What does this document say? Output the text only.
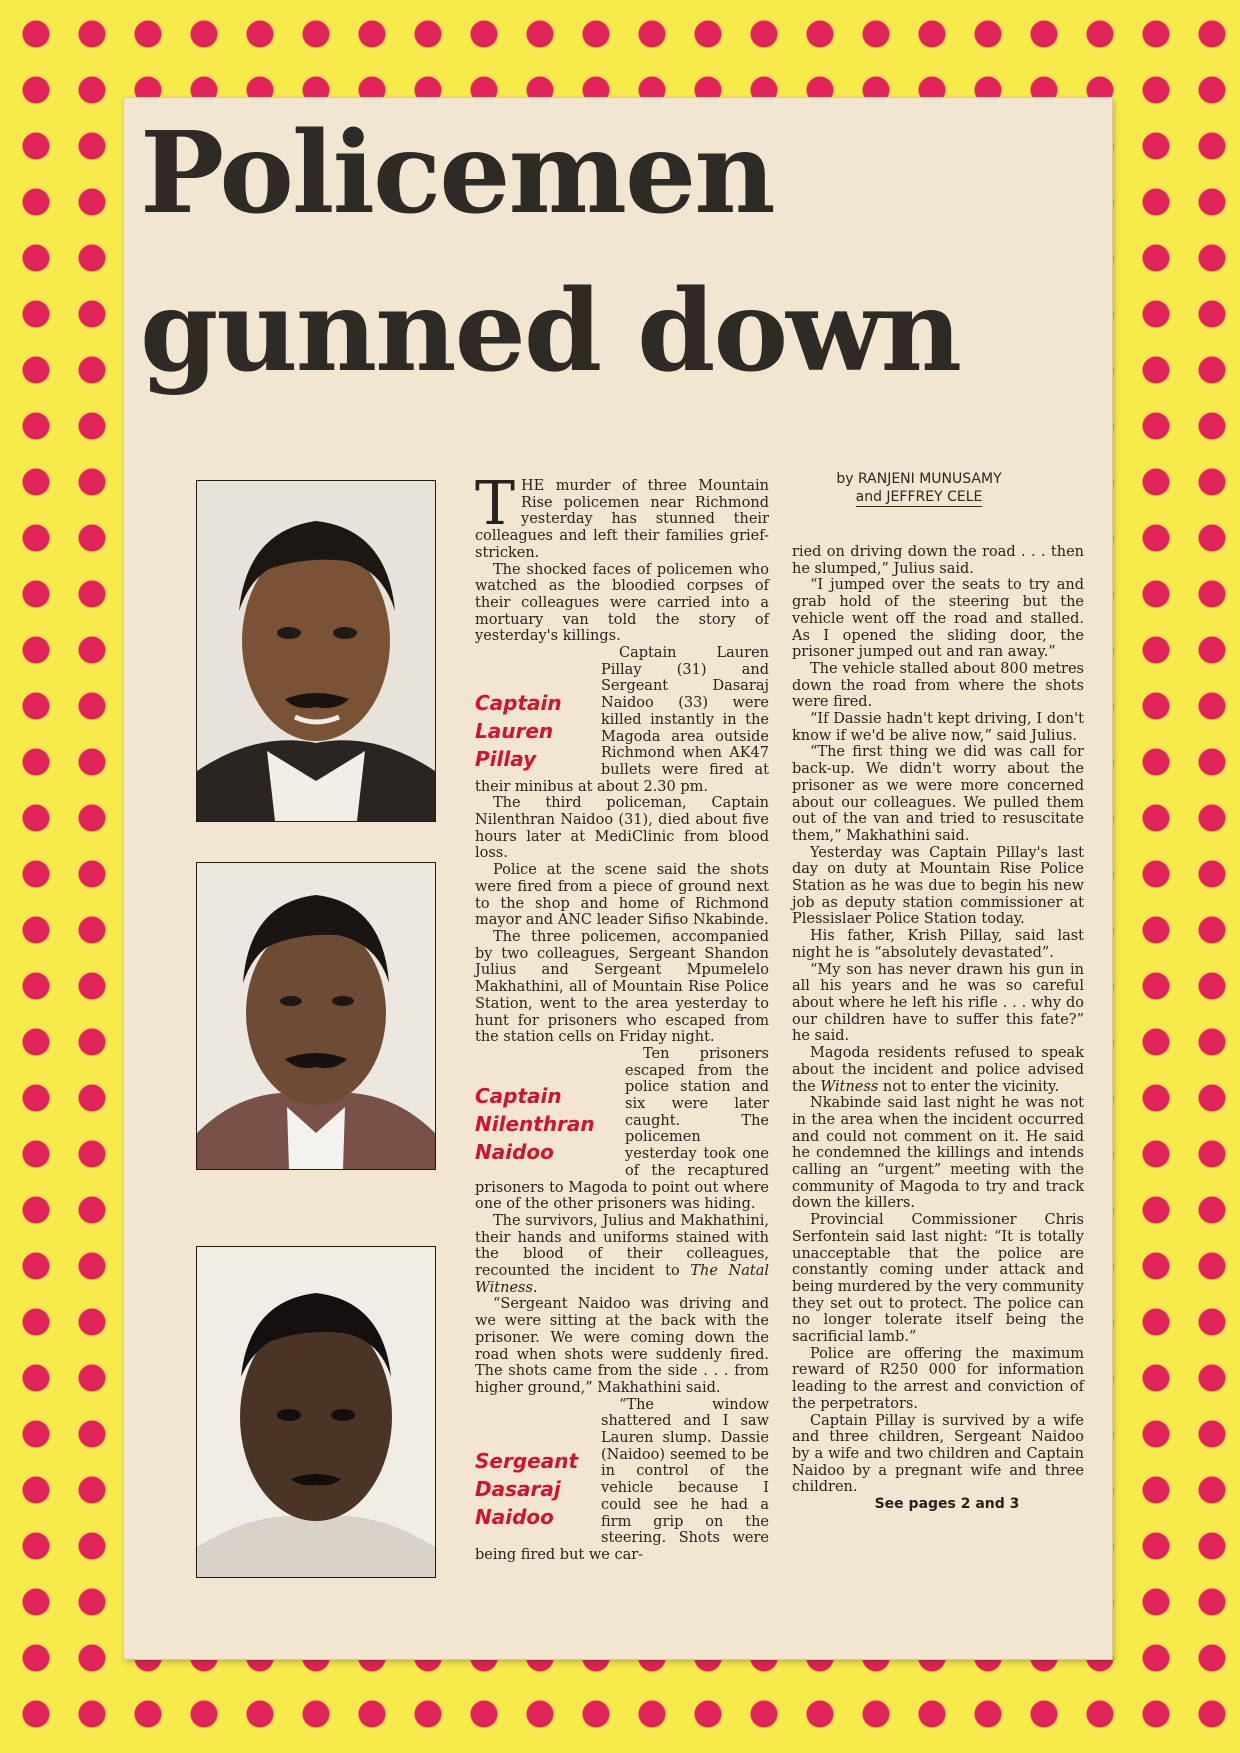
Policemen
gunned down
by RANJENI MUNUSAMY
and JEFFREY CELE

THE murder of three Mountain Rise policemen near Richmond yesterday has stunned their colleagues and left their families grief-stricken.

The shocked faces of policemen who watched as the bloodied corpses of their colleagues were carried into a mortuary van told the story of yesterday's killings.

Captain
Lauren
Pillay

Captain Lauren Pillay (31) and Sergeant Dasaraj Naidoo (33) were killed instantly in the Magoda area outside Richmond when AK47 bullets were fired at their minibus at about 2.30 pm.

The third policeman, Captain Nilenthran Naidoo (31), died about five hours later at MediClinic from blood loss.

Police at the scene said the shots were fired from a piece of ground next to the shop and home of Richmond mayor and ANC leader Sifiso Nkabinde.

The three policemen, accompanied by two colleagues, Sergeant Shandon Julius and Sergeant Mpumelelo Makhathini, all of Mountain Rise Police Station, went to the area yesterday to hunt for prisoners who escaped from the station cells on Friday night.

Captain
Nilenthran
Naidoo

Ten prisoners escaped from the police station and six were later caught. The policemen yesterday took one of the recaptured prisoners to Magoda to point out where one of the other prisoners was hiding.

The survivors, Julius and Makhathini, their hands and uniforms stained with the blood of their colleagues, recounted the incident to The Natal Witness.

“Sergeant Naidoo was driving and we were sitting at the back with the prisoner. We were coming down the road when shots were suddenly fired. The shots came from the side . . . from higher ground,” Makhathini said.

Sergeant
Dasaraj
Naidoo

“The window shattered and I saw Lauren slump. Dassie (Naidoo) seemed to be in control of the vehicle because I could see he had a firm grip on the steering. Shots were being fired but we car-

ried on driving down the road . . . then he slumped,” Julius said.

“I jumped over the seats to try and grab hold of the steering but the vehicle went off the road and stalled. As I opened the sliding door, the prisoner jumped out and ran away.”

The vehicle stalled about 800 metres down the road from where the shots were fired.

“If Dassie hadn't kept driving, I don't know if we'd be alive now,” said Julius.

“The first thing we did was call for back-up. We didn't worry about the prisoner as we were more concerned about our colleagues. We pulled them out of the van and tried to resuscitate them,” Makhathini said.

Yesterday was Captain Pillay's last day on duty at Mountain Rise Police Station as he was due to begin his new job as deputy station commissioner at Plessislaer Police Station today.

His father, Krish Pillay, said last night he is “absolutely devastated”.

“My son has never drawn his gun in all his years and he was so careful about where he left his rifle . . . why do our children have to suffer this fate?” he said.

Magoda residents refused to speak about the incident and police advised the Witness not to enter the vicinity.

Nkabinde said last night he was not in the area when the incident occurred and could not comment on it. He said he condemned the killings and intends calling an “urgent” meeting with the community of Magoda to try and track down the killers.

Provincial Commissioner Chris Serfontein said last night: “It is totally unacceptable that the police are constantly coming under attack and being murdered by the very community they set out to protect. The police can no longer tolerate itself being the sacrificial lamb.”

Police are offering the maximum reward of R250 000 for information leading to the arrest and conviction of the perpetrators.

Captain Pillay is survived by a wife and three children, Sergeant Naidoo by a wife and two children and Captain Naidoo by a pregnant wife and three children.

See pages 2 and 3
